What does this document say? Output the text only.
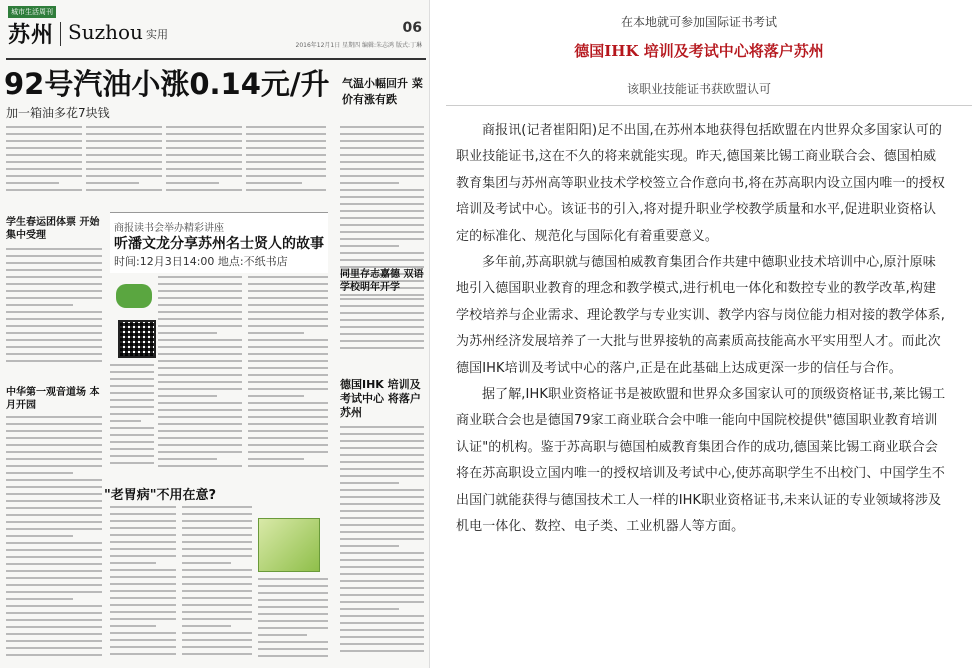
城市生活周刊
苏州 Suzhou 实用	06
2016年12月1日 星期四 编辑:朱志鸿 版式:丁琳
92号汽油小涨0.14元/升
加一箱油多花7块钱
气温小幅回升 菜价有涨有跌
学生春运团体票 开始集中受理
商报读书会举办精彩讲座
听潘文龙分享苏州名士贤人的故事
时间:12月3日14:00 地点:不纸书店
同里存志嘉德 双语学校明年开学
德国IHK 培训及考试中心 将落户苏州
中华第一观音道场 本月开园
"老胃病"不用在意?
在本地就可参加国际证书考试
德国IHK 培训及考试中心将落户苏州
该职业技能证书获欧盟认可

商报讯(记者崔阳阳)足不出国,在苏州本地获得包括欧盟在内世界众多国家认可的职业技能证书,这在不久的将来就能实现。昨天,德国莱比锡工商业联合会、德国柏威教育集团与苏州高等职业技术学校签立合作意向书,将在苏高职内设立国内唯一的授权培训及考试中心。该证书的引入,将对提升职业学校教学质量和水平,促进职业资格认定的标准化、规范化与国际化有着重要意义。

多年前,苏高职就与德国柏威教育集团合作共建中德职业技术培训中心,原汁原味地引入德国职业教育的理念和教学模式,进行机电一体化和数控专业的教学改革,构建学校培养与企业需求、理论教学与专业实训、教学内容与岗位能力相对接的教学体系,为苏州经济发展培养了一大批与世界接轨的高素质高技能高水平实用型人才。而此次德国IHK培训及考试中心的落户,正是在此基础上达成更深一步的信任与合作。

据了解,IHK职业资格证书是被欧盟和世界众多国家认可的顶级资格证书,莱比锡工商业联合会也是德国79家工商业联合会中唯一能向中国院校提供"德国职业教育培训认证"的机构。鉴于苏高职与德国柏威教育集团合作的成功,德国莱比锡工商业联合会将在苏高职设立国内唯一的授权培训及考试中心,使苏高职学生不出校门、中国学生不出国门就能获得与德国技术工人一样的IHK职业资格证书,未来认证的专业领域将涉及机电一体化、数控、电子类、工业机器人等方面。
